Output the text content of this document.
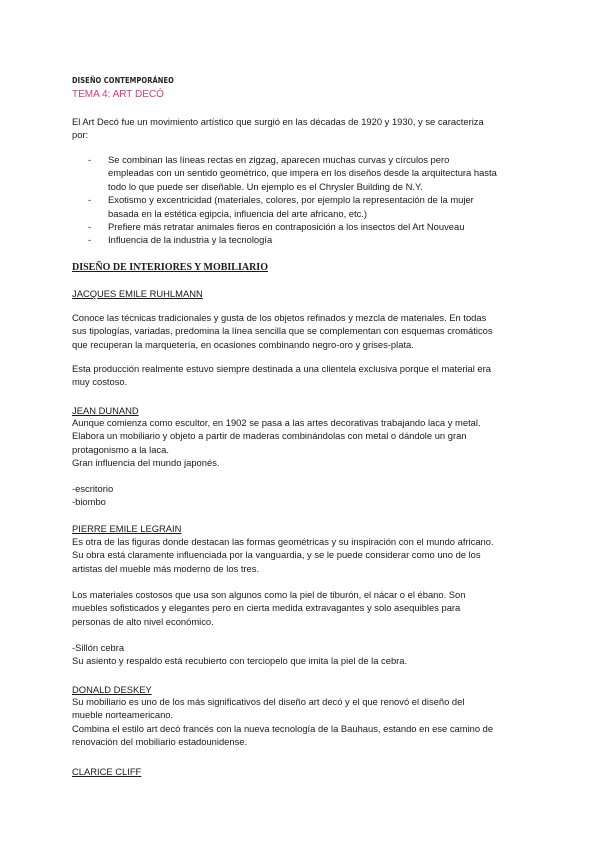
DISEÑO CONTEMPORÁNEO
TEMA 4: ART DECÓ
El Art Decó fue un movimiento artístico que surgió en las décadas de 1920 y 1930, y se caracteriza
por:
- Se combinan las líneas rectas en zigzag, aparecen muchas curvas y círculos pero
empleadas con un sentido geométrico, que impera en los diseños desde la arquitectura hasta
todo lo que puede ser diseñable. Un ejemplo es el Chrysler Building de N.Y.
- Exotismo y excentricidad (materiales, colores, por ejemplo la representación de la mujer
basada en la estética egipcia, influencia del arte africano, etc.)
- Prefiere más retratar animales fieros en contraposición a los insectos del Art Nouveau
- Influencia de la industria y la tecnología
DISEÑO DE INTERIORES Y MOBILIARIO
JACQUES EMILE RUHLMANN
Conoce las técnicas tradicionales y gusta de los objetos refinados y mezcla de materiales. En todas
sus tipologías, variadas, predomina la línea sencilla que se complementan con esquemas cromáticos
que recuperan la marquetería, en ocasiones combinando negro-oro y grises-plata.
Esta producción realmente estuvo siempre destinada a una clientela exclusiva porque el material era
muy costoso.
JEAN DUNAND
Aunque comienza como escultor, en 1902 se pasa a las artes decorativas trabajando laca y metal.
Elabora un mobiliario y objeto a partir de maderas combinándolas con metal o dándole un gran
protagonismo a la laca.
Gran influencia del mundo japonés.
-escritorio
-biombo
PIERRE EMILE LEGRAIN
Es otra de las figuras donde destacan las formas geométricas y su inspiración con el mundo africano.
Su obra está claramente influenciada por la vanguardia, y se le puede considerar como uno de los
artistas del mueble más moderno de los tres.
Los materiales costosos que usa son algunos como la piel de tiburón, el nácar o el ébano. Son
muebles sofisticados y elegantes pero en cierta medida extravagantes y solo asequibles para
personas de alto nivel económico.
-Sillón cebra
Su asiento y respaldo está recubierto con terciopelo que imita la piel de la cebra.
DONALD DESKEY
Su mobiliario es uno de los más significativos del diseño art decó y el que renovó el diseño del
mueble norteamericano.
Combina el estilo art decó francés con la nueva tecnología de la Bauhaus, estando en ese camino de
renovación del mobiliario estadounidense.
CLARICE CLIFF
